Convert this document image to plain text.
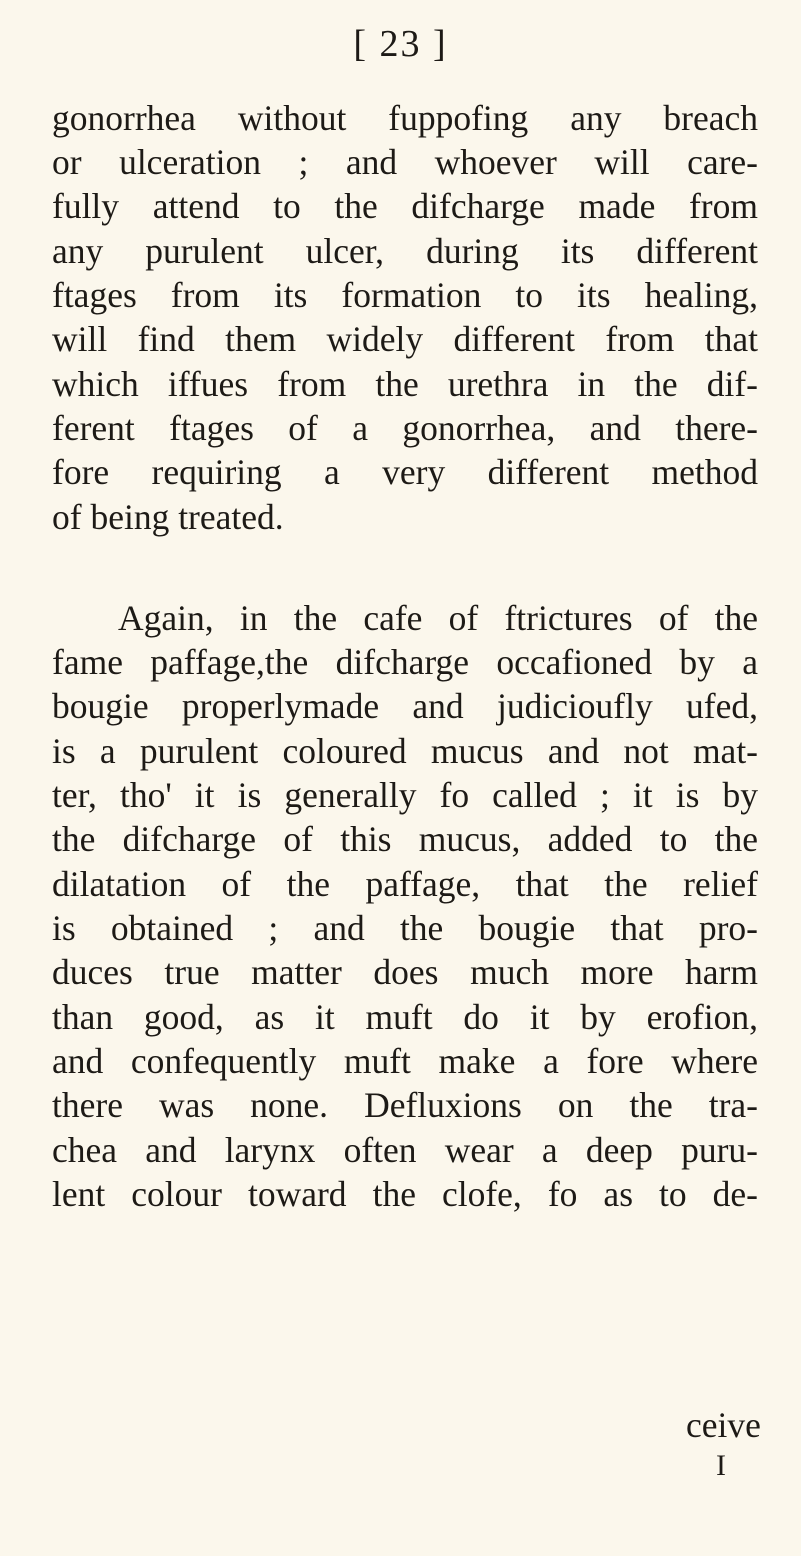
[ 23 ]
gonorrhea without fuppofing any breach
or ulceration ; and whoever will care-
fully attend to the difcharge made from
any purulent ulcer, during its different
ftages from its formation to its healing,
will find them widely different from that
which iffues from the urethra in the dif-
ferent ftages of a gonorrhea, and there-
fore requiring a very different method
of being treated.
Again, in the cafe of ftrictures of the
fame paffage,the difcharge occafioned by a
bougie properlymade and judicioufly ufed,
is a purulent coloured mucus and not mat-
ter, tho' it is generally fo called ; it is by
the difcharge of this mucus, added to the
dilatation of the paffage, that the relief
is obtained ; and the bougie that pro-
duces true matter does much more harm
than good, as it muft do it by erofion,
and confequently muft make a fore where
there was none. Defluxions on the tra-
chea and larynx often wear a deep puru-
lent colour toward the clofe, fo as to de-
ceive
I
